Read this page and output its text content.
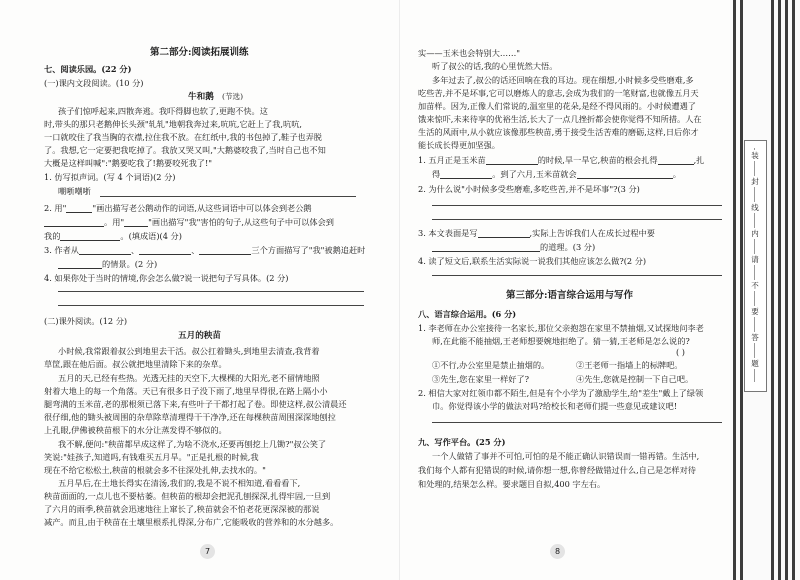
第二部分:阅读拓展训练
七、阅读乐园。(22 分)
(一)课内文段阅读。(10 分)
牛和鹅 (节选)
孩子们惊呼起来,四散奔逃。我吓得脚也软了,更跑不快。这
时,带头的那只老鹅伸长头颈"轧轧"地朝我奔过来,吭吭,它赶上了我,吭吭,
一口就咬住了我当胸的衣襟,拉住我不放。在红纸中,我的书包掉了,鞋子也弄脱
了。我想,它一定要把我吃掉了。我放又哭又叫,"大鹅婆咬我了,当时自己也不知
大概是这样叫喊":"鹅要吃我了!鹅要咬死我了!"
1. 仿写拟声词。(写 4 个词语)(2 分)
嘲哳嘲哳
2. 用"	"画出描写老公鹅动作的词语,从这些词语中可以体会到老公鹅
。用"	"画出描写"我"害怕的句子,从这些句子中可以体会到
我的	。(填成语)(4 分)
3. 作者从	、	、	三个方面描写了"我"被鹅追赶时
的情景。(2 分)
4. 如果你处于当时的情境,你会怎么做?说一说把句子写具体。(2 分)
(二)课外阅读。(12 分)
五月的秧苗
小时候,我常跟着叔公到地里去干活。叔公扛着锄头,到地里去清查,我背着
草筐,跟在他后面。叔公就把地里清除下来的杂草。
五月的天,已经有些热。光透无挂的天空下,大棵棵的大阳光,老不留情地照
射着大地上的每一个角落。天已有很多日子没下雨了,地里早得很,在路上隔小小
腿弯满的玉米苗,老的那根须已落下来,有些叶子干都打起了卷。即使这样,叔公清晨还
很仔细,他的锄头被周围的杂草除草清理得干干净净,还在每棵秧苗周围深深地刨拉
上孔眼,伊佛被秧苗根下的水分让蒸发得不够似的。
我不解,便问:"秧苗都早成这样了,为啥不浇水,还要再刨挖上几锄?"叔公笑了
笑说:"娃孩子,知道吗,有钱难买五月旱。"正是扎根的时候,我
现在不给它松松土,秧苗的根就会多不往深处扎伸,去找水的。"
五月旱后,在土地长得实在清汤,我们的,我是不说不相知道,看看看下,
秧苗面面的,一点儿也不要枯萎。但秧苗的根却会把泥孔刨探深,扎得牢固,一旦到
了六月的雨季,秧苗就会迅速地往上窜长了,秧苗就会不怕老花更深深被的那说
减产。而且,由于秧苗在土壤里根系扎得深,分布广,它能吸收的营养和的水分越多。
7
实——玉米也会特别大……"
听了叔公的话,我的心里恍然大悟。
多年过去了,叔公的话还回响在我的耳边。现在细想,小时候多受些磨难,多
吃些苦,并不是坏事,它可以磨炼人的意志,会成为我们的一笔财富,也就像五月天
加苗样。因为,正像人们常说的,温室里的花朵,是经不得风雨的。小时候遭遇了
饿来惊吓,未来待享的优裕生活,长大了一点几挫折都会使你觉得不知所措。人在
生活的风雨中,从小就应该像那些秧苗,勇于接受生活苦难的磨砺,这样,日后你才
能长成长得更加坚强。
1. 五月正是玉米苗	的时候,旱一旱它,秧苗的根会扎得	,扎
得	。到了六月,玉米苗就会	。
2. 为什么说"小时候多受些磨难,多吃些苦,并不是坏事"?(3 分)
3. 本文表面是写	,实际上告诉我们人在成长过程中要
的道理。(3 分)
4. 读了短文后,联系生活实际说一说我们其他应该怎么做?(2 分)
第三部分:语言综合运用与写作
八、语言综合运用。(6 分)
1. 李老师在办公室接待一名家长,那位父亲抱怨在家里不禁抽烟,又试探地问李老
师,在此能不能抽烟,王老师想要婉地拒绝了。猜一猜,王老师是怎么说的?
( )
①不行,办公室里是禁止抽烟的。	②王老师一指墙上的标牌吧。
③先生,您在家里一样好了?	④先生,您就是控制一下自己吧。
2. 相信大家对红领巾都不陌生,但是有个小学为了激励学生,给"差生"戴上了绿领
巾。你觉得该小学的做法对吗?给校长和老师们提一些意见或建议吧!
九、写作平台。(25 分)
一个人做错了事并不可怕,可怕的是不能正确认识错误而一错再错。生活中,
我们每个人都有犯错误的时候,请你想一想,你曾经做错过什么,自己是怎样对待
和处理的,结果怎么样。要求题目自拟,400 字左右。
8
装
封
线
内
请
不
要
答
题
